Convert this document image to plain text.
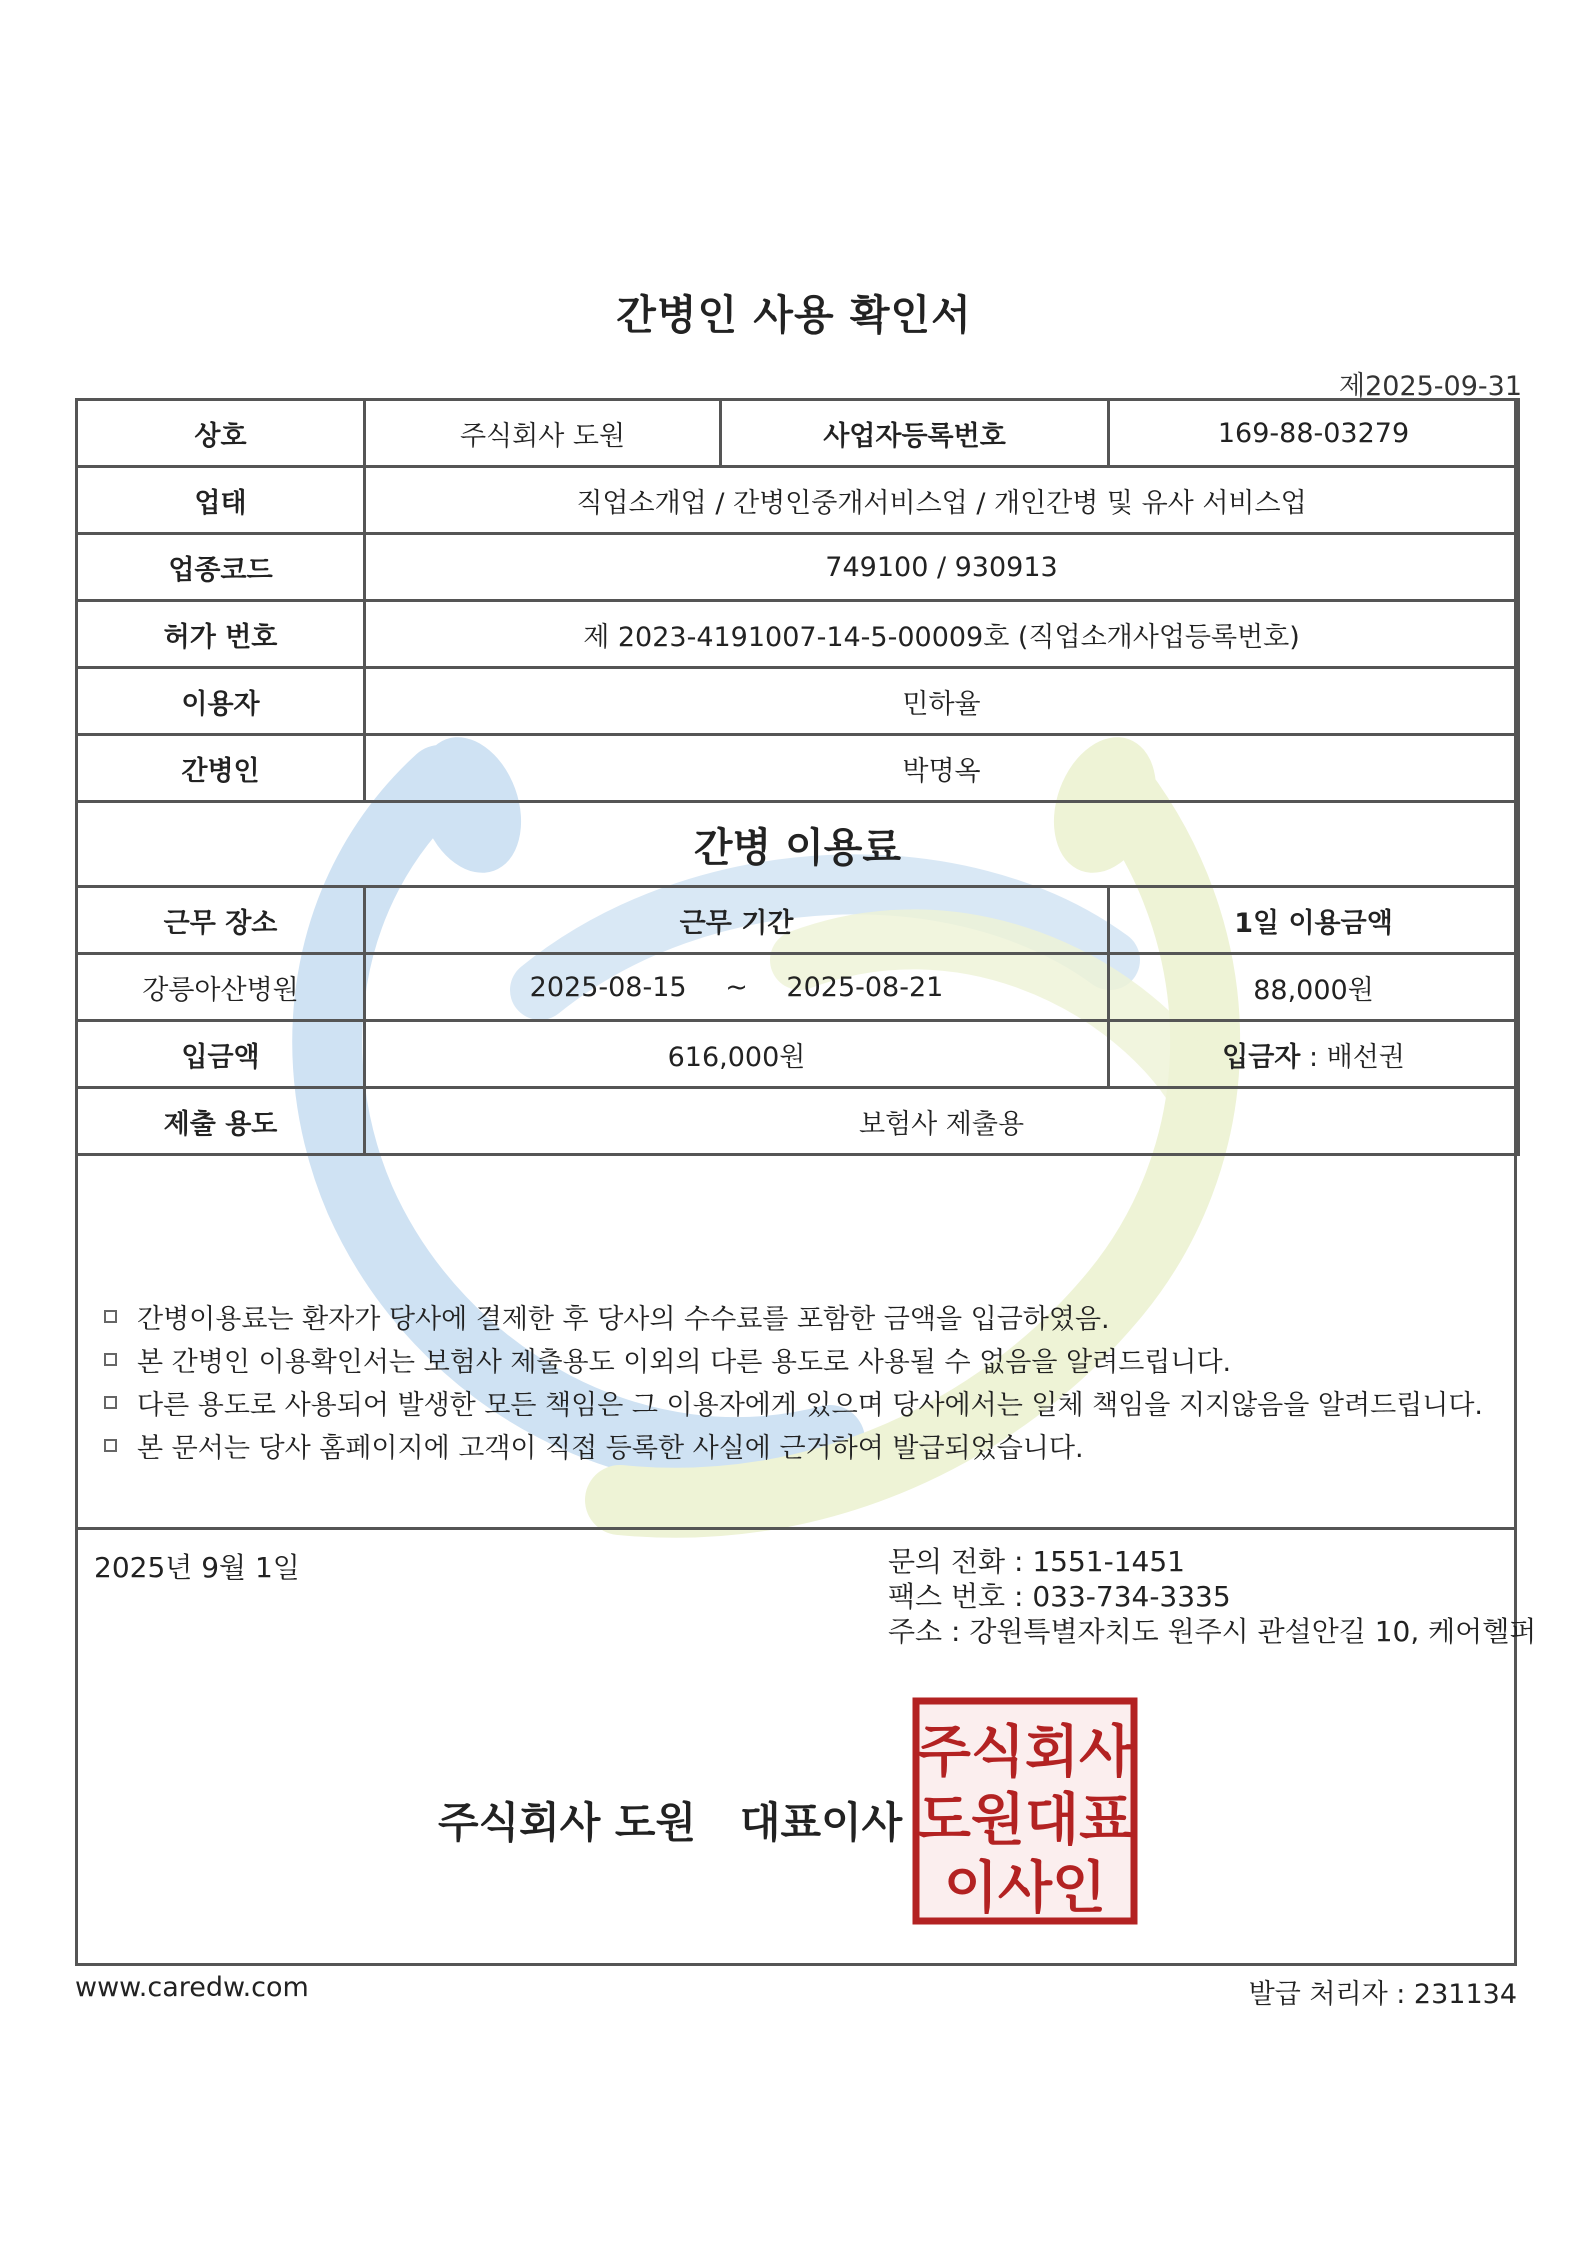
간병인 사용 확인서
제2025-09-31
상호	주식회사 도원	사업자등록번호	169-88-03279
업태	직업소개업 / 간병인중개서비스업 / 개인간병 및 유사 서비스업		
업종코드	749100 / 930913		
허가 번호	제 2023-4191007-14-5-00009호 (직업소개사업등록번호)		
이용자	민하율		
간병인	박명옥		
간병 이용료			
근무 장소	근무 기간		1일 이용금액
강릉아산병원	2025-08-15 ~ 2025-08-21		88,000원
입금액	616,000원		입금자 : 배선권
제출 용도	보험사 제출용		
간병이용료는 환자가 당사에 결제한 후 당사의 수수료를 포함한 금액을 입금하였음.
본 간병인 이용확인서는 보험사 제출용도 이외의 다른 용도로 사용될 수 없음을 알려드립니다.
다른 용도로 사용되어 발생한 모든 책임은 그 이용자에게 있으며 당사에서는 일체 책임을 지지않음을 알려드립니다.
본 문서는 당사 홈페이지에 고객이 직접 등록한 사실에 근거하여 발급되었습니다.
2025년 9월 1일	문의 전화 : 1551-1451
팩스 번호 : 033-734-3335
주소 : 강원특별자치도 원주시 관설안길 10, 케어헬퍼
주식회사 도원   대표이사
주식회사
도원대표
이사인
www.caredw.com	발급 처리자 : 231134
